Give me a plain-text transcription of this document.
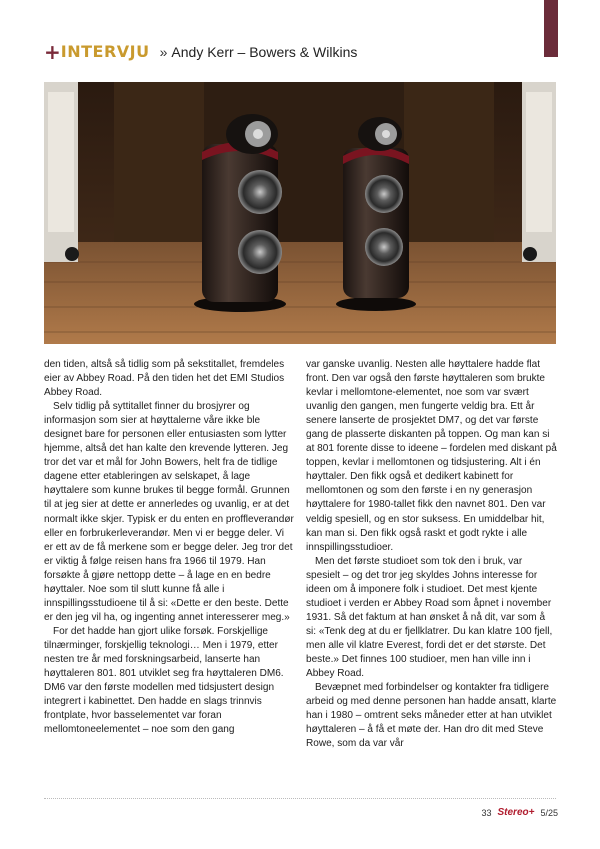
+ INTERVJU » Andy Kerr – Bowers & Wilkins

den tiden, altså så tidlig som på sekstitallet, fremdeles eier av Abbey Road. På den tiden het det EMI Studios Abbey Road.

Selv tidlig på syttitallet finner du brosjyrer og informasjon som sier at høyttalerne våre ikke ble designet bare for personen eller entusiasten som lytter hjemme, altså det han kalte den krevende lytteren. Jeg tror det var et mål for John Bowers, helt fra de tidlige dagene etter etableringen av selskapet, å lage høyttalere som kunne brukes til begge formål. Grunnen til at jeg sier at dette er annerledes og uvanlig, er at det normalt ikke skjer. Typisk er du enten en proffleverandør eller en forbrukerleverandør. Men vi er begge deler. Vi er ett av de få merkene som er begge deler. Jeg tror det er viktig å følge reisen hans fra 1966 til 1979. Han forsøkte å gjøre nettopp dette – å lage en en bedre høyttaler. Noe som til slutt kunne få alle i innspillingsstudioene til å si: «Dette er den beste. Dette er den jeg vil ha, og ingenting annet interesserer meg.»

For det hadde han gjort ulike forsøk. Forskjellige tilnærminger, forskjellig teknologi… Men i 1979, etter nesten tre år med forskningsarbeid, lanserte han høyttaleren 801. 801 utviklet seg fra høyttaleren DM6. DM6 var den første modellen med tidsjustert design integrert i kabinettet. Den hadde en slags trinnvis frontplate, hvor basselementet var foran mellomtoneelementet – noe som den gang

var ganske uvanlig. Nesten alle høyttalere hadde flat front. Den var også den første høyttaleren som brukte kevlar i mellomtone-elementet, noe som var svært uvanlig den gangen, men fungerte veldig bra. Ett år senere lanserte de prosjektet DM7, og det var første gang de plasserte diskanten på toppen. Og man kan si at 801 forente disse to ideene – fordelen med diskant på toppen, kevlar i mellomtonen og tidsjustering. Alt i én høyttaler. Den fikk også et dedikert kabinett for mellomtonen og som den første i en ny generasjon høyttalere for 1980-tallet fikk den navnet 801. Den var veldig spesiell, og en stor suksess. En umiddelbar hit, kan man si. Den fikk også raskt et godt rykte i alle innspillingsstudioer.

Men det første studioet som tok den i bruk, var spesielt – og det tror jeg skyldes Johns interesse for ideen om å imponere folk i studioet. Det mest kjente studioet i verden er Abbey Road som åpnet i november 1931. Så det faktum at han ønsket å nå dit, var som å si: «Tenk deg at du er fjellklatrer. Du kan klatre 100 fjell, men alle vil klatre Everest, fordi det er det største. Det beste.» Det finnes 100 studioer, men han ville inn i Abbey Road.

Bevæpnet med forbindelser og kontakter fra tidligere arbeid og med denne personen han hadde ansatt, klarte han i 1980 – omtrent seks måneder etter at han utviklet høyttaleren – å få et møte der. Han dro dit med Steve Rowe, som da var vår

33 Stereo+ 5/25
